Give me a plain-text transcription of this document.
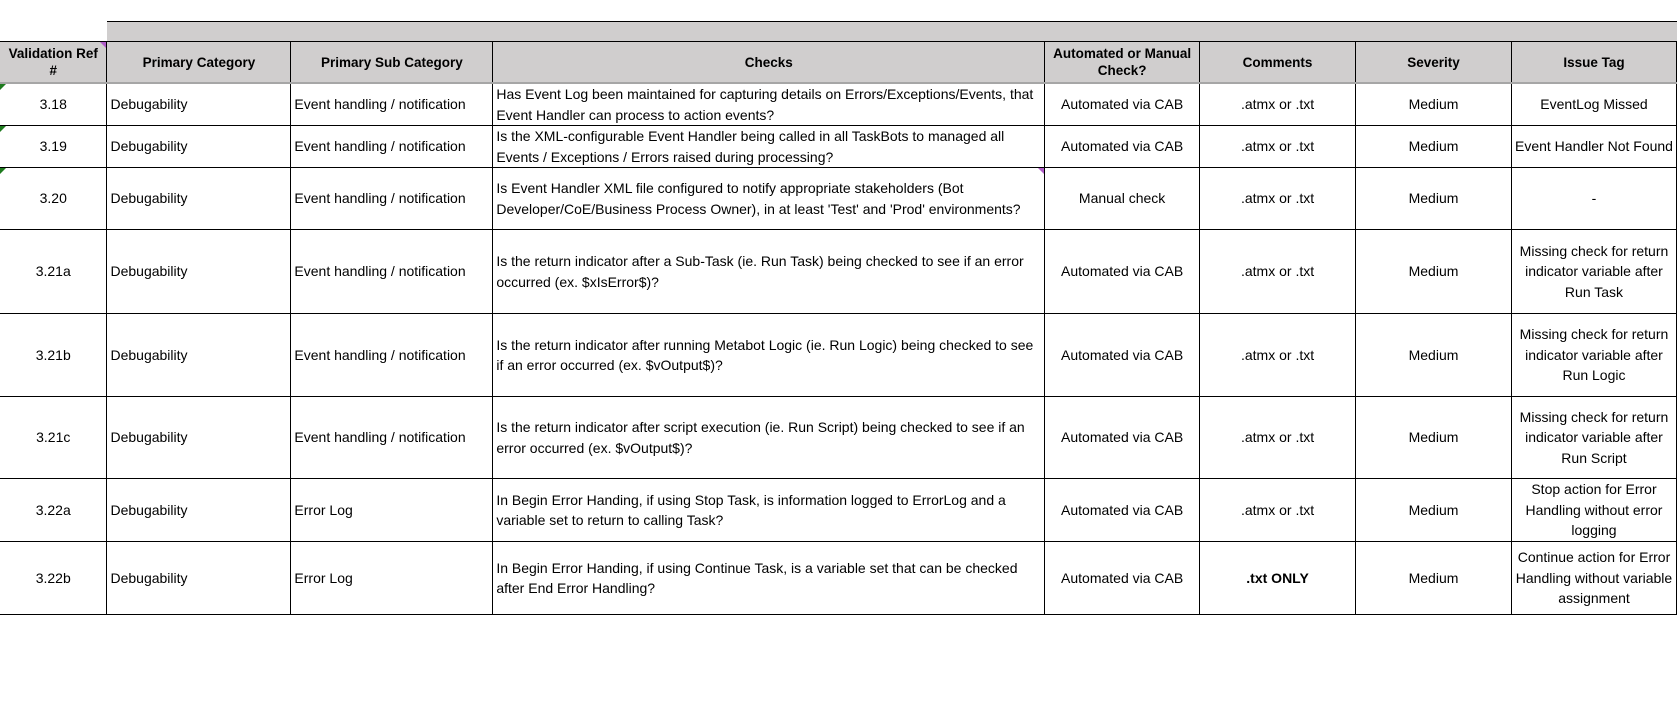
Validation Ref #	Primary Category	Primary Sub Category	Checks	Automated or Manual Check?	Comments	Severity	Issue Tag
3.18	Debugability	Event handling / notification	Has Event Log been maintained for capturing details on Errors/Exceptions/Events, that Event Handler can process to action events?	Automated via CAB	.atmx or .txt	Medium	EventLog Missed
3.19	Debugability	Event handling / notification	Is the XML-configurable Event Handler being called in all TaskBots to managed all Events / Exceptions / Errors raised during processing?	Automated via CAB	.atmx or .txt	Medium	Event Handler Not Found
3.20	Debugability	Event handling / notification	Is Event Handler XML file configured to notify appropriate stakeholders (Bot Developer/CoE/Business Process Owner), in at least 'Test' and 'Prod' environments?	Manual check	.atmx or .txt	Medium	-
3.21a	Debugability	Event handling / notification	Is the return indicator after a Sub-Task (ie. Run Task) being checked to see if an error occurred (ex. $xIsError$)?	Automated via CAB	.atmx or .txt	Medium	Missing check for return indicator variable after Run Task
3.21b	Debugability	Event handling / notification	Is the return indicator after running Metabot Logic (ie. Run Logic) being checked to see if an error occurred (ex. $vOutput$)?	Automated via CAB	.atmx or .txt	Medium	Missing check for return indicator variable after Run Logic
3.21c	Debugability	Event handling / notification	Is the return indicator after script execution (ie. Run Script) being checked to see if an error occurred (ex. $vOutput$)?	Automated via CAB	.atmx or .txt	Medium	Missing check for return indicator variable after Run Script
3.22a	Debugability	Error Log	In Begin Error Handing, if using Stop Task, is information logged to ErrorLog and a variable set to return to calling Task?	Automated via CAB	.atmx or .txt	Medium	Stop action for Error Handling without error logging
3.22b	Debugability	Error Log	In Begin Error Handing, if using Continue Task, is a variable set that can be checked after End Error Handling?	Automated via CAB	.txt ONLY	Medium	Continue action for Error Handling without variable assignment
